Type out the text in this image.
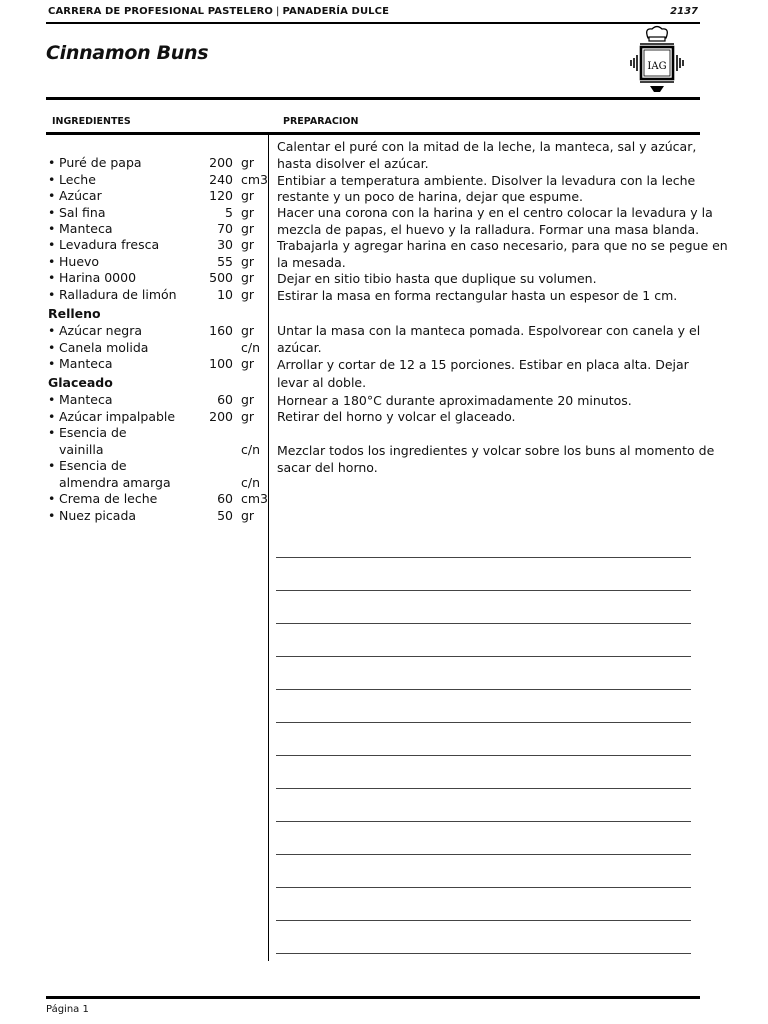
CARRERA DE PROFESIONAL PASTELERO | PANADERÍA DULCE	2137
Cinnamon Buns
IAG
INGREDIENTES	PREPARACION
• Puré de papa	200 gr
• Leche	240 cm3
• Azúcar	120 gr
• Sal fina	5 gr
• Manteca	70 gr
• Levadura fresca	30 gr
• Huevo	55 gr
• Harina 0000	500 gr
• Ralladura de limón	10 gr
Relleno
• Azúcar negra	160 gr
• Canela molida	c/n
• Manteca	100 gr
Glaceado
• Manteca	60 gr
• Azúcar impalpable	200 gr
• Esencia de
vainilla	c/n
• Esencia de
almendra amarga	c/n
• Crema de leche	60 cm3
• Nuez picada	50 gr
Calentar el puré con la mitad de la leche, la manteca, sal y azúcar,
hasta disolver el azúcar.
Entibiar a temperatura ambiente. Disolver la levadura con la leche
restante y un poco de harina, dejar que espume.
Hacer una corona con la harina y en el centro colocar la levadura y la
mezcla de papas, el huevo y la ralladura. Formar una masa blanda.
Trabajarla y agregar harina en caso necesario, para que no se pegue en
la mesada.
Dejar en sitio tibio hasta que duplique su volumen.
Estirar la masa en forma rectangular hasta un espesor de 1 cm.
Untar la masa con la manteca pomada. Espolvorear con canela y el
azúcar.
Arrollar y cortar de 12 a 15 porciones. Estibar en placa alta. Dejar
levar al doble.
Hornear a 180°C durante aproximadamente 20 minutos.
Retirar del horno y volcar el glaceado.
Mezclar todos los ingredientes y volcar sobre los buns al momento de
sacar del horno.
Página 1
